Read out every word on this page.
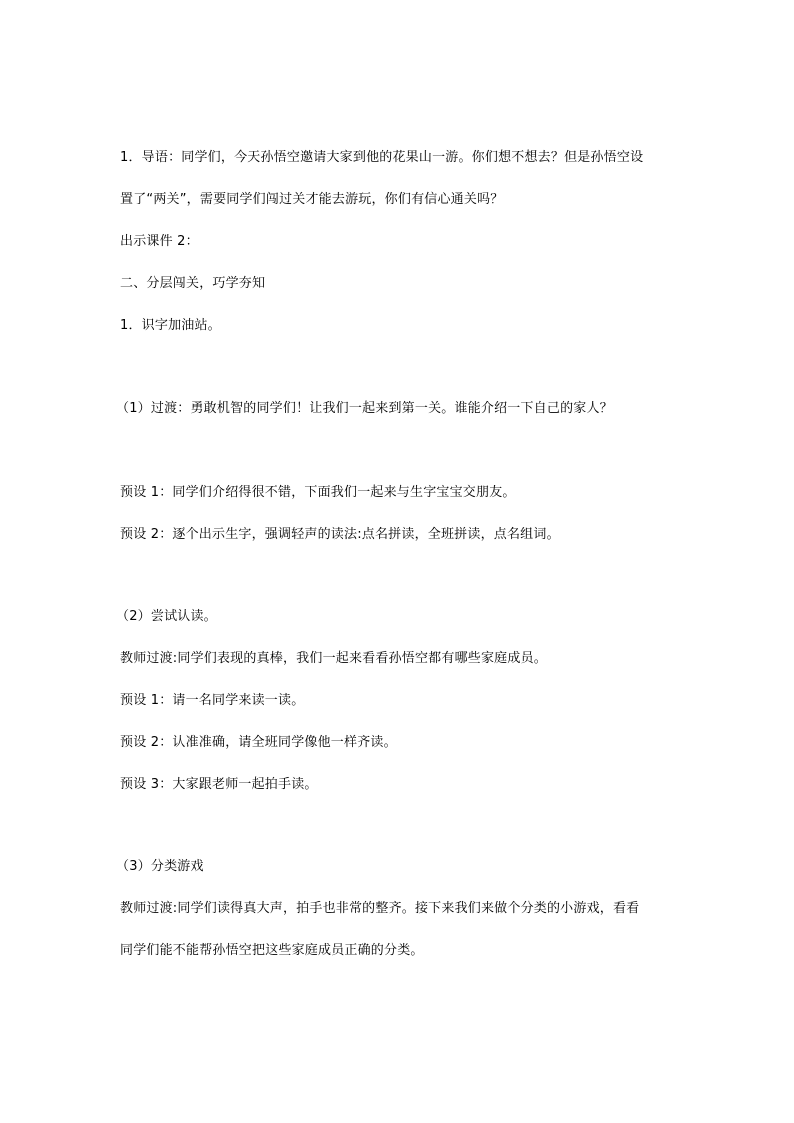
1．导语：同学们，今天孙悟空邀请大家到他的花果山一游。你们想不想去？但是孙悟空设

置了“两关”，需要同学们闯过关才能去游玩，你们有信心通关吗？

出示课件 2：

二、分层闯关，巧学夯知

1．识字加油站。

（1）过渡：勇敢机智的同学们！让我们一起来到第一关。谁能介绍一下自己的家人？

预设 1：同学们介绍得很不错，下面我们一起来与生字宝宝交朋友。

预设 2：逐个出示生字，强调轻声的读法:点名拼读，全班拼读，点名组词。

（2）尝试认读。

教师过渡:同学们表现的真棒，我们一起来看看孙悟空都有哪些家庭成员。

预设 1：请一名同学来读一读。

预设 2：认准准确，请全班同学像他一样齐读。

预设 3：大家跟老师一起拍手读。

（3）分类游戏

教师过渡:同学们读得真大声，拍手也非常的整齐。接下来我们来做个分类的小游戏，看看

同学们能不能帮孙悟空把这些家庭成员正确的分类。
